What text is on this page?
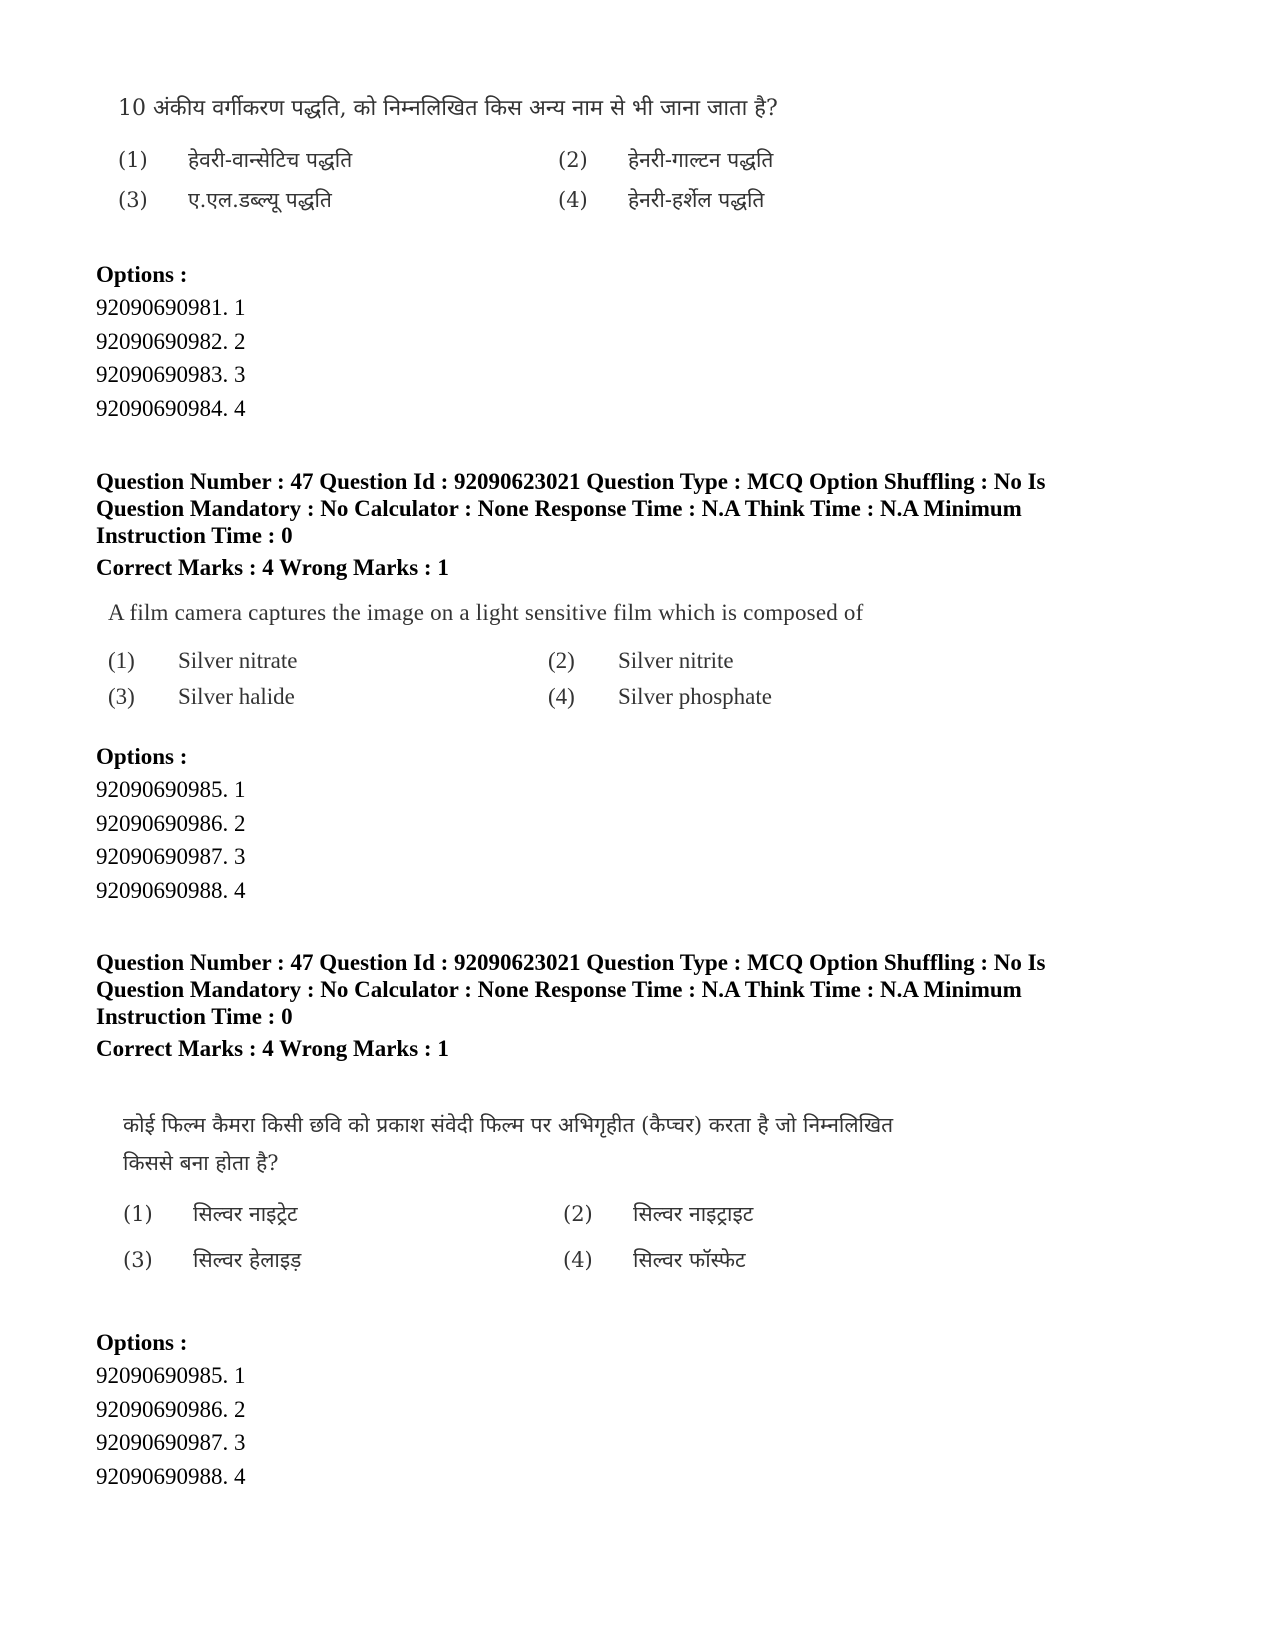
10 अंकीय वर्गीकरण पद्धति, को निम्नलिखित किस अन्य नाम से भी जाना जाता है?
(1)	हेवरी-वान्सेटिच पद्धति	(2)	हेनरी-गाल्टन पद्धति
(3)	ए.एल.डब्ल्यू पद्धति	(4)	हेनरी-हर्शेल पद्धति
Options :
92090690981. 1
92090690982. 2
92090690983. 3
92090690984. 4
Question Number : 47 Question Id : 92090623021 Question Type : MCQ Option Shuffling : No Is
Question Mandatory : No Calculator : None Response Time : N.A Think Time : N.A Minimum
Instruction Time : 0
Correct Marks : 4 Wrong Marks : 1
A film camera captures the image on a light sensitive film which is composed of
(1)	Silver nitrate	(2)	Silver nitrite
(3)	Silver halide	(4)	Silver phosphate
Options :
92090690985. 1
92090690986. 2
92090690987. 3
92090690988. 4
Question Number : 47 Question Id : 92090623021 Question Type : MCQ Option Shuffling : No Is
Question Mandatory : No Calculator : None Response Time : N.A Think Time : N.A Minimum
Instruction Time : 0
Correct Marks : 4 Wrong Marks : 1
कोई फिल्म कैमरा किसी छवि को प्रकाश संवेदी फिल्म पर अभिगृहीत (कैप्चर) करता है जो निम्नलिखित
किससे बना होता है?
(1)	सिल्वर नाइट्रेट	(2)	सिल्वर नाइट्राइट
(3)	सिल्वर हेलाइड़	(4)	सिल्वर फॉस्फेट
Options :
92090690985. 1
92090690986. 2
92090690987. 3
92090690988. 4
